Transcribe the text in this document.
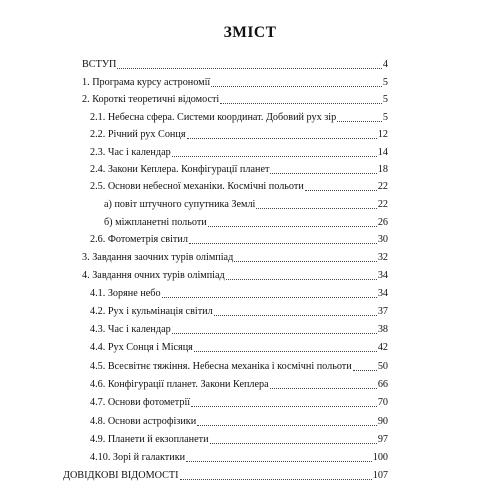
ЗМІСТ
ВСТУП	4
1. Програма курсу астрономії	5
2. Короткі теоретичні відомості	5
2.1. Небесна сфера. Системи координат. Добовий рух зір	5
2.2. Річний рух Сонця	12
2.3. Час і календар	14
2.4. Закони Кеплера. Конфігурації планет	18
2.5. Основи небесної механіки. Космічні польоти	22
а) повіт штучного супутника Землі	22
б) міжпланетні польоти	26
2.6. Фотометрія світил	30
3. Завдання заочних турів олімпіад	32
4. Завдання очних турів олімпіад	34
4.1. Зоряне небо	34
4.2. Рух і кульмінація світил	37
4.3. Час і календар	38
4.4. Рух Сонця і Місяця	42
4.5. Всесвітнє тяжіння. Небесна механіка і космічні польоти	50
4.6. Конфігурації планет. Закони Кеплера	66
4.7. Основи фотометрії	70
4.8. Основи астрофізики	90
4.9. Планети й екзопланети	97
4.10. Зорі й галактики	100
ДОВІДКОВІ ВІДОМОСТІ	107
